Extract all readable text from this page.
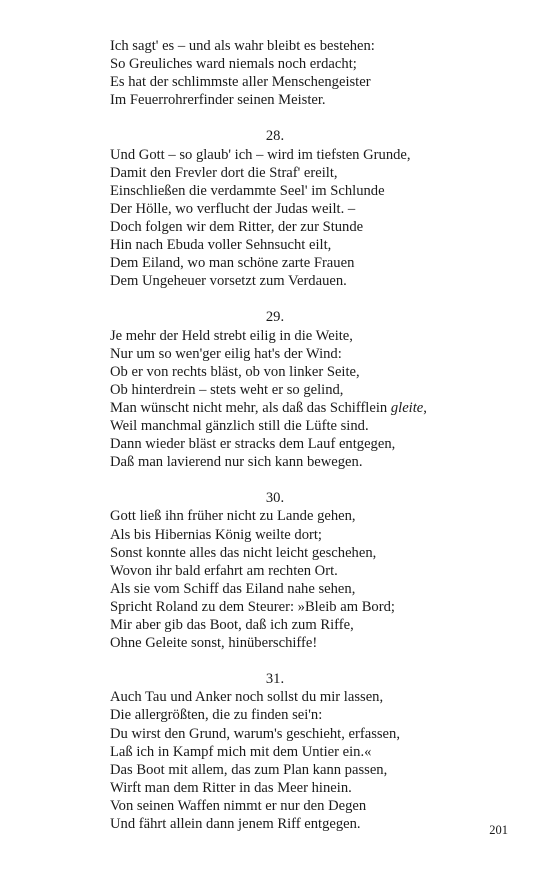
Ich sagt' es – und als wahr bleibt es bestehen:
So Greuliches ward niemals noch erdacht;
Es hat der schlimmste aller Menschengeister
Im Feuerrohrerfinder seinen Meister.
28.
Und Gott – so glaub' ich – wird im tiefsten Grunde,
Damit den Frevler dort die Straf' ereilt,
Einschließen die verdammte Seel' im Schlunde
Der Hölle, wo verflucht der Judas weilt. –
Doch folgen wir dem Ritter, der zur Stunde
Hin nach Ebuda voller Sehnsucht eilt,
Dem Eiland, wo man schöne zarte Frauen
Dem Ungeheuer vorsetzt zum Verdauen.
29.
Je mehr der Held strebt eilig in die Weite,
Nur um so wen'ger eilig hat's der Wind:
Ob er von rechts bläst, ob von linker Seite,
Ob hinterdrein – stets weht er so gelind,
Man wünscht nicht mehr, als daß das Schifflein gleite,
Weil manchmal gänzlich still die Lüfte sind.
Dann wieder bläst er stracks dem Lauf entgegen,
Daß man lavierend nur sich kann bewegen.
30.
Gott ließ ihn früher nicht zu Lande gehen,
Als bis Hibernias König weilte dort;
Sonst konnte alles das nicht leicht geschehen,
Wovon ihr bald erfahrt am rechten Ort.
Als sie vom Schiff das Eiland nahe sehen,
Spricht Roland zu dem Steurer: »Bleib am Bord;
Mir aber gib das Boot, daß ich zum Riffe,
Ohne Geleite sonst, hinüberschiffe!
31.
Auch Tau und Anker noch sollst du mir lassen,
Die allergrößten, die zu finden sei'n:
Du wirst den Grund, warum's geschieht, erfassen,
Laß ich in Kampf mich mit dem Untier ein.«
Das Boot mit allem, das zum Plan kann passen,
Wirft man dem Ritter in das Meer hinein.
Von seinen Waffen nimmt er nur den Degen
Und fährt allein dann jenem Riff entgegen.	201
